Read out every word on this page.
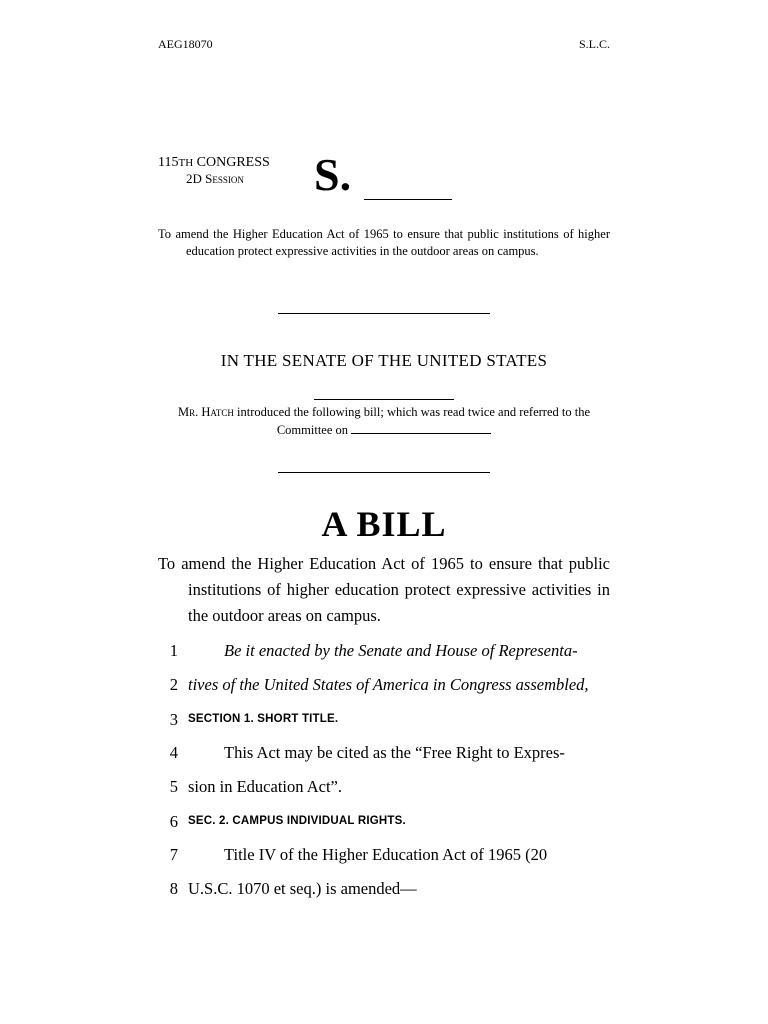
AEG18070	S.L.C.
115TH CONGRESS
2D Session S.
To amend the Higher Education Act of 1965 to ensure that public institutions of higher education protect expressive activities in the outdoor areas on campus.
IN THE SENATE OF THE UNITED STATES
Mr. Hatch introduced the following bill; which was read twice and referred to the Committee on
A BILL
To amend the Higher Education Act of 1965 to ensure that public institutions of higher education protect expressive activities in the outdoor areas on campus.
1	Be it enacted by the Senate and House of Representa-
2 tives of the United States of America in Congress assembled,
3 SECTION 1. SHORT TITLE.
4	This Act may be cited as the “Free Right to Expres-
5 sion in Education Act”.
6 SEC. 2. CAMPUS INDIVIDUAL RIGHTS.
7	Title IV of the Higher Education Act of 1965 (20
8 U.S.C. 1070 et seq.) is amended—
